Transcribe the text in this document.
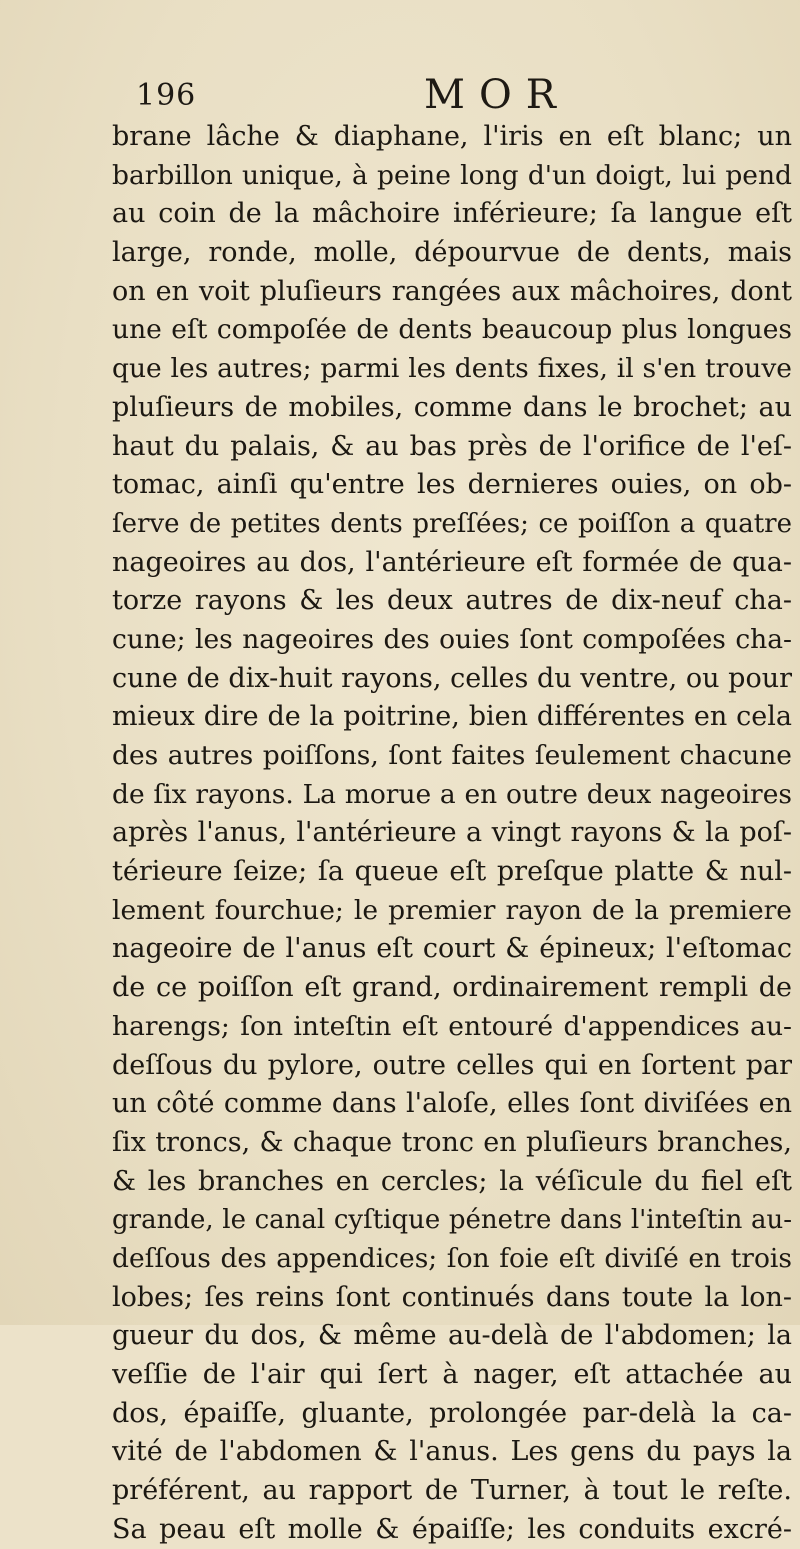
196	MOR
brane lâche & diaphane, l'iris en eſt blanc; un
barbillon unique, à peine long d'un doigt, lui pend
au coin de la mâchoire inférieure; ſa langue eſt
large, ronde, molle, dépourvue de dents, mais
on en voit pluſieurs rangées aux mâchoires, dont
une eſt compoſée de dents beaucoup plus longues
que les autres; parmi les dents fixes, il s'en trouve
pluſieurs de mobiles, comme dans le brochet; au
haut du palais, & au bas près de l'orifice de l'eſ-
tomac, ainſi qu'entre les dernieres ouies, on ob-
ſerve de petites dents preſſées; ce poiſſon a quatre
nageoires au dos, l'antérieure eſt formée de qua-
torze rayons & les deux autres de dix-neuf cha-
cune; les nageoires des ouies ſont compoſées cha-
cune de dix-huit rayons, celles du ventre, ou pour
mieux dire de la poitrine, bien différentes en cela
des autres poiſſons, ſont faites ſeulement chacune
de ſix rayons. La morue a en outre deux nageoires
après l'anus, l'antérieure a vingt rayons & la poſ-
térieure ſeize; ſa queue eſt preſque platte & nul-
lement fourchue; le premier rayon de la premiere
nageoire de l'anus eſt court & épineux; l'eſtomac
de ce poiſſon eſt grand, ordinairement rempli de
harengs; ſon inteſtin eſt entouré d'appendices au-
deſſous du pylore, outre celles qui en ſortent par
un côté comme dans l'aloſe, elles ſont diviſées en
ſix troncs, & chaque tronc en pluſieurs branches,
& les branches en cercles; la véſicule du fiel eſt
grande, le canal cyſtique pénetre dans l'inteſtin au-
deſſous des appendices; ſon foie eſt diviſé en trois
lobes; ſes reins ſont continués dans toute la lon-
gueur du dos, & même au-delà de l'abdomen; la
veſſie de l'air qui ſert à nager, eſt attachée au
dos, épaiſſe, gluante, prolongée par-delà la ca-
vité de l'abdomen & l'anus. Les gens du pays la
préférent, au rapport de Turner, à tout le reſte.
Sa peau eſt molle & épaiſſe; les conduits excré-
